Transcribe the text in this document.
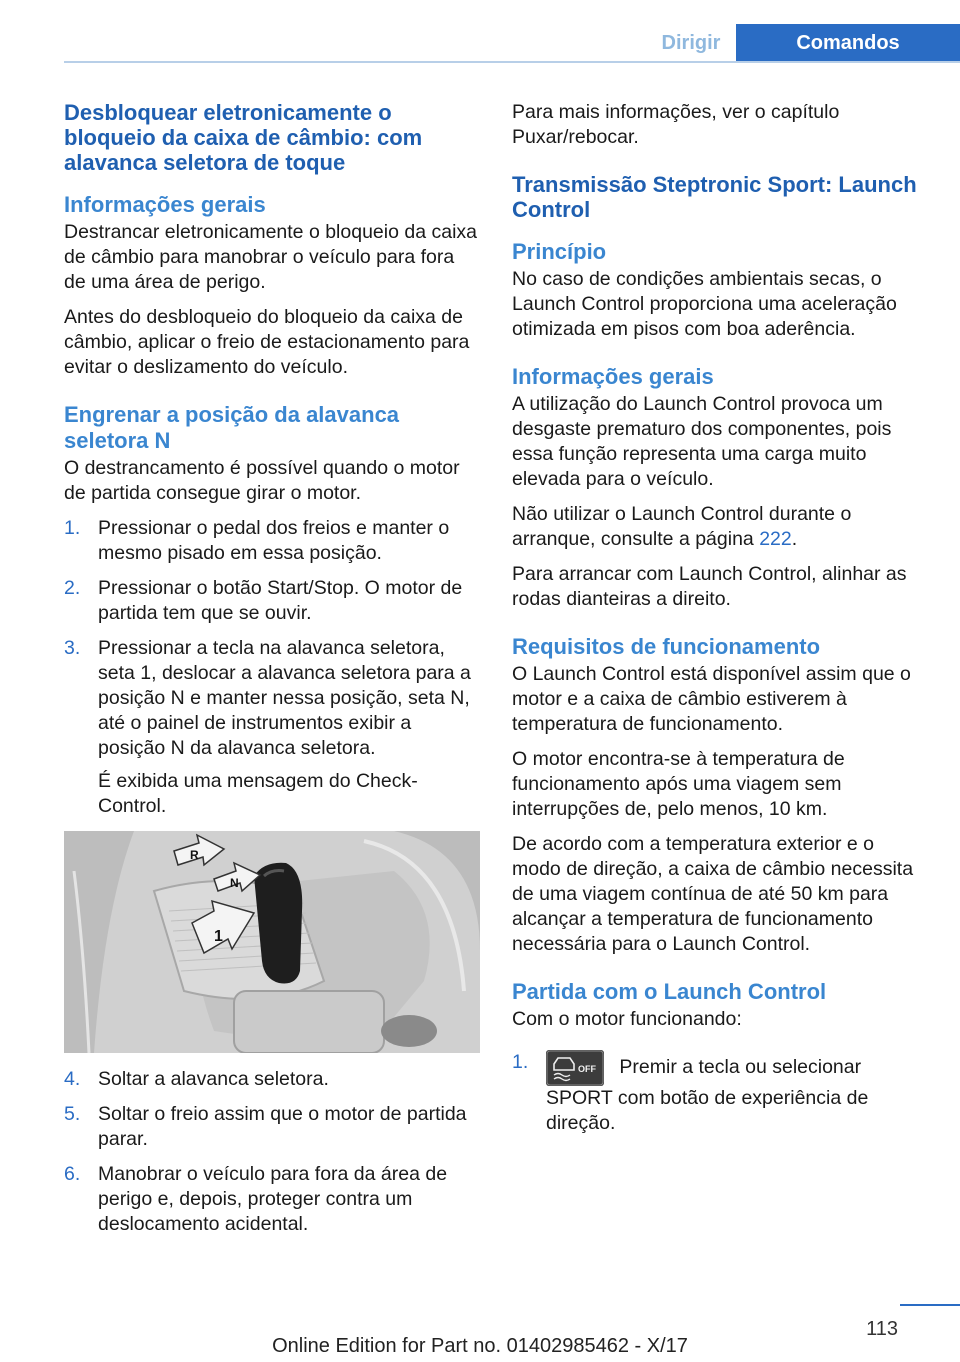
Dirigir	Comandos
Desbloquear eletronicamente o bloqueio da caixa de câmbio: com alavanca seletora de toque
Informações gerais

Destrancar eletronicamente o bloqueio da caixa de câmbio para manobrar o veículo para fora de uma área de perigo.

Antes do desbloqueio do bloqueio da caixa de câmbio, aplicar o freio de estacionamento para evitar o deslizamento do veículo.

Engrenar a posição da alavanca seletora N

O destrancamento é possível quando o motor de partida consegue girar o motor.

1. Pressionar o pedal dos freios e manter o mesmo pisado em essa posição.
2. Pressionar o botão Start/Stop. O motor de partida tem que se ouvir.
3. Pressionar a tecla na alavanca seletora, seta 1, deslocar a alavanca seletora para a posição N e manter nessa posição, seta N, até o painel de instrumentos exibir a posição N da alavanca seletora.
É exibida uma mensagem do Check-Control.
R
N
1
4. Soltar a alavanca seletora.
5. Soltar o freio assim que o motor de partida parar.
6. Manobrar o veículo para fora da área de perigo e, depois, proteger contra um deslocamento acidental.

Para mais informações, ver o capítulo Puxar/rebocar.

Transmissão Steptronic Sport: Launch Control
Princípio

No caso de condições ambientais secas, o Launch Control proporciona uma aceleração otimizada em pisos com boa aderência.

Informações gerais

A utilização do Launch Control provoca um desgaste prematuro dos componentes, pois essa função representa uma carga muito elevada para o veículo.

Não utilizar o Launch Control durante o arranque, consulte a página 222.

Para arrancar com Launch Control, alinhar as rodas dianteiras a direito.

Requisitos de funcionamento

O Launch Control está disponível assim que o motor e a caixa de câmbio estiverem à temperatura de funcionamento.

O motor encontra-se à temperatura de funcionamento após uma viagem sem interrupções de, pelo menos, 10 km.

De acordo com a temperatura exterior e o modo de direção, a caixa de câmbio necessita de uma viagem contínua de até 50 km para alcançar a temperatura de funcionamento necessária para o Launch Control.

Partida com o Launch Control

Com o motor funcionando:

1.	OFF Premir a tecla ou selecionar SPORT com botão de experiência de direção.
113
Online Edition for Part no. 01402985462 - X/17
